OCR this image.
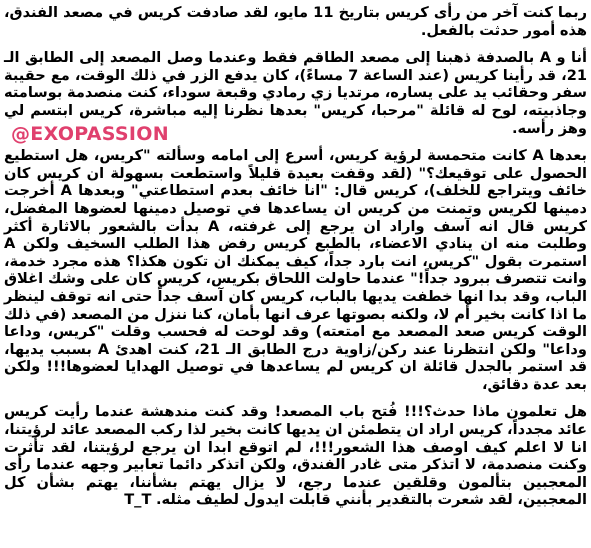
ربما كنت آخر من رأى كريس بتاريخ 11 مايو، لقد صادفت كريس في مصعد الفندق، هذه أمور حدثت بالفعل.

أنا و A بالصدفة ذهبنا إلى مصعد الطاقم فقط وعندما وصل المصعد إلى الطابق الـ 21، قد رأينا كريس (عند الساعة 7 مساءً)، كان يدفع الزر في ذلك الوقت، مع حقيبة سفر وحقائب يد على يساره، مرتديا زي رمادي وقبعة سوداء، كنت منصدمة بوسامته وجاذبيته، لوح له قائلة "مرحبا، كريس" بعدها نظرنا إليه مباشرة، كريس ابتسم لي وهز رأسه.

بعدها A كانت متحمسة لرؤية كريس، أسرع إلى امامه وسألته "كريس، هل استطيع الحصول على توقيعك؟" (لقد وقفت بعيدة قليلاً واستطعت بسهولة ان كريس كان خائف ويتراجع للخلف)، كريس قال: "انا خائف بعدم استطاعتي" وبعدها A أخرجت دمينها لكريس وتمنت من كريس ان يساعدها في توصيل دمينها لعضوها المفضل، كريس قال انه آسف واراد ان يرجع إلى غرفته، A بدأت بالشعور بالاثارة أكثر وطلبت منه ان ينادي الاعضاء، بالطبع كريس رفض هذا الطلب السخيف ولكن A استمرت بقول "كريس، انت بارد جداً، كيف يمكنك ان تكون هكذا؟ هذه مجرد خدمة، وانت تتصرف ببرود جداً!" عندما حاولت اللحاق بكريس، كريس كان على وشك اغلاق الباب، وقد بدا انها خطفت يديها بالباب، كريس كان آسف جداً حتى انه توقف لينظر ما اذا كانت بخير أم لا، ولكنه بصوتها عرف انها بأمان، كنا ننزل من المصعد (في ذلك الوقت كريس صعد المصعد مع امتعته) وقد لوحت له فحسب وقلت "كريس، وداعا وداعا" ولكن انتظرنا عند ركن/زاوية درج الطابق الـ 21، كنت اهدئ A بسبب يديها، قد استمر بالجدل قائلة ان كريس لم يساعدها في توصيل الهدايا لعضوها!!! ولكن بعد عدة دقائق،

هل تعلمون ماذا حدث؟!!! فُتح باب المصعد! وقد كنت مندهشة عندما رأيت كريس عائد مجدداً، كريس اراد ان يتطمئن ان يديها كانت بخير لذا ركب المصعد عائد لرؤيتنا، انا لا اعلم كيف اوصف هذا الشعور!!!، لم اتوقع ابدا ان يرجع لرؤيتنا، لقد تأثرت وكنت منصدمة، لا اتذكر متى غادر الفندق، ولكن اتذكر دائما تعابير وجهه عندما رأى المعجبين بتألمون وقلقين عندما رجع، لا يزال يهتم بشأننا، يهتم بشأن كل المعجبين، لقد شعرت بالتقدير بأنني قابلت ايدول لطيف مثله. T_T

@EXOPASSION
